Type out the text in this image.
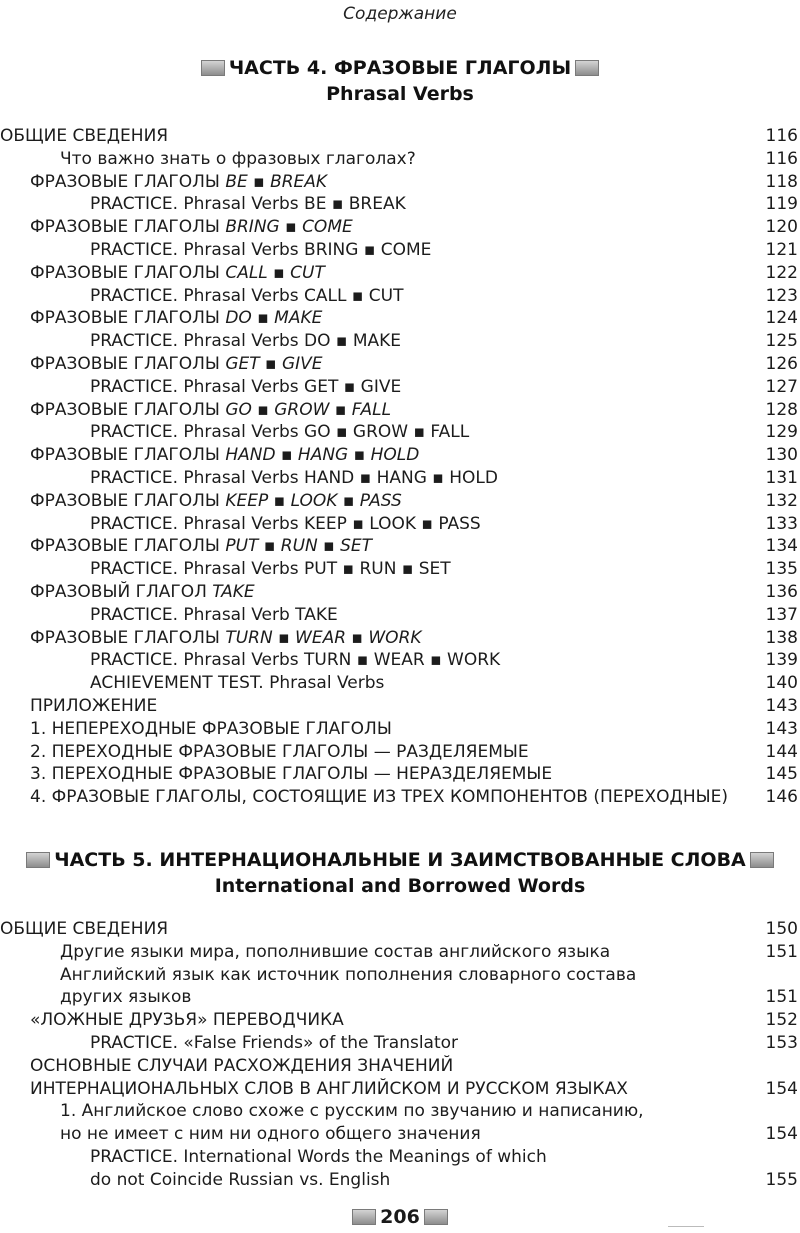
Содержание
ЧАСТЬ 4. ФРАЗОВЫЕ ГЛАГОЛЫ
Phrasal Verbs
ОБЩИЕ СВЕДЕНИЯ	116
Что важно знать о фразовых глаголах?	116
ФРАЗОВЫЕ ГЛАГОЛЫ BE ▪ BREAK	118
PRACTICE. Phrasal Verbs BE ▪ BREAK	119
ФРАЗОВЫЕ ГЛАГОЛЫ BRING ▪ COME	120
PRACTICE. Phrasal Verbs BRING ▪ COME	121
ФРАЗОВЫЕ ГЛАГОЛЫ CALL ▪ CUT	122
PRACTICE. Phrasal Verbs CALL ▪ CUT	123
ФРАЗОВЫЕ ГЛАГОЛЫ DO ▪ MAKE	124
PRACTICE. Phrasal Verbs DO ▪ MAKE	125
ФРАЗОВЫЕ ГЛАГОЛЫ GET ▪ GIVE	126
PRACTICE. Phrasal Verbs GET ▪ GIVE	127
ФРАЗОВЫЕ ГЛАГОЛЫ GO ▪ GROW ▪ FALL	128
PRACTICE. Phrasal Verbs GO ▪ GROW ▪ FALL	129
ФРАЗОВЫЕ ГЛАГОЛЫ HAND ▪ HANG ▪ HOLD	130
PRACTICE. Phrasal Verbs HAND ▪ HANG ▪ HOLD	131
ФРАЗОВЫЕ ГЛАГОЛЫ KEEP ▪ LOOK ▪ PASS	132
PRACTICE. Phrasal Verbs KEEP ▪ LOOK ▪ PASS	133
ФРАЗОВЫЕ ГЛАГОЛЫ PUT ▪ RUN ▪ SET	134
PRACTICE. Phrasal Verbs PUT ▪ RUN ▪ SET	135
ФРАЗОВЫЙ ГЛАГОЛ TAKE	136
PRACTICE. Phrasal Verb TAKE	137
ФРАЗОВЫЕ ГЛАГОЛЫ TURN ▪ WEAR ▪ WORK	138
PRACTICE. Phrasal Verbs TURN ▪ WEAR ▪ WORK	139
ACHIEVEMENT TEST. Phrasal Verbs	140
ПРИЛОЖЕНИЕ	143
1. НЕПЕРЕХОДНЫЕ ФРАЗОВЫЕ ГЛАГОЛЫ	143
2. ПЕРЕХОДНЫЕ ФРАЗОВЫЕ ГЛАГОЛЫ — РАЗДЕЛЯЕМЫЕ	144
3. ПЕРЕХОДНЫЕ ФРАЗОВЫЕ ГЛАГОЛЫ — НЕРАЗДЕЛЯЕМЫЕ	145
4. ФРАЗОВЫЕ ГЛАГОЛЫ, СОСТОЯЩИЕ ИЗ ТРЕХ КОМПОНЕНТОВ (ПЕРЕХОДНЫЕ) 146
ЧАСТЬ 5. ИНТЕРНАЦИОНАЛЬНЫЕ И ЗАИМСТВОВАННЫЕ СЛОВА
International and Borrowed Words
ОБЩИЕ СВЕДЕНИЯ	150
Другие языки мира, пополнившие состав английского языка	151
Английский язык как источник пополнения словарного состава
других языков	151
«ЛОЖНЫЕ ДРУЗЬЯ» ПЕРЕВОДЧИКА	152
PRACTICE. «False Friends» of the Translator	153
ОСНОВНЫЕ СЛУЧАИ РАСХОЖДЕНИЯ ЗНАЧЕНИЙ
ИНТЕРНАЦИОНАЛЬНЫХ СЛОВ В АНГЛИЙСКОМ И РУССКОМ ЯЗЫКАХ	154
1. Английское слово схоже с русским по звучанию и написанию,
но не имеет с ним ни одного общего значения	154
PRACTICE. International Words the Meanings of which
do not Coincide Russian vs. English	155
206
